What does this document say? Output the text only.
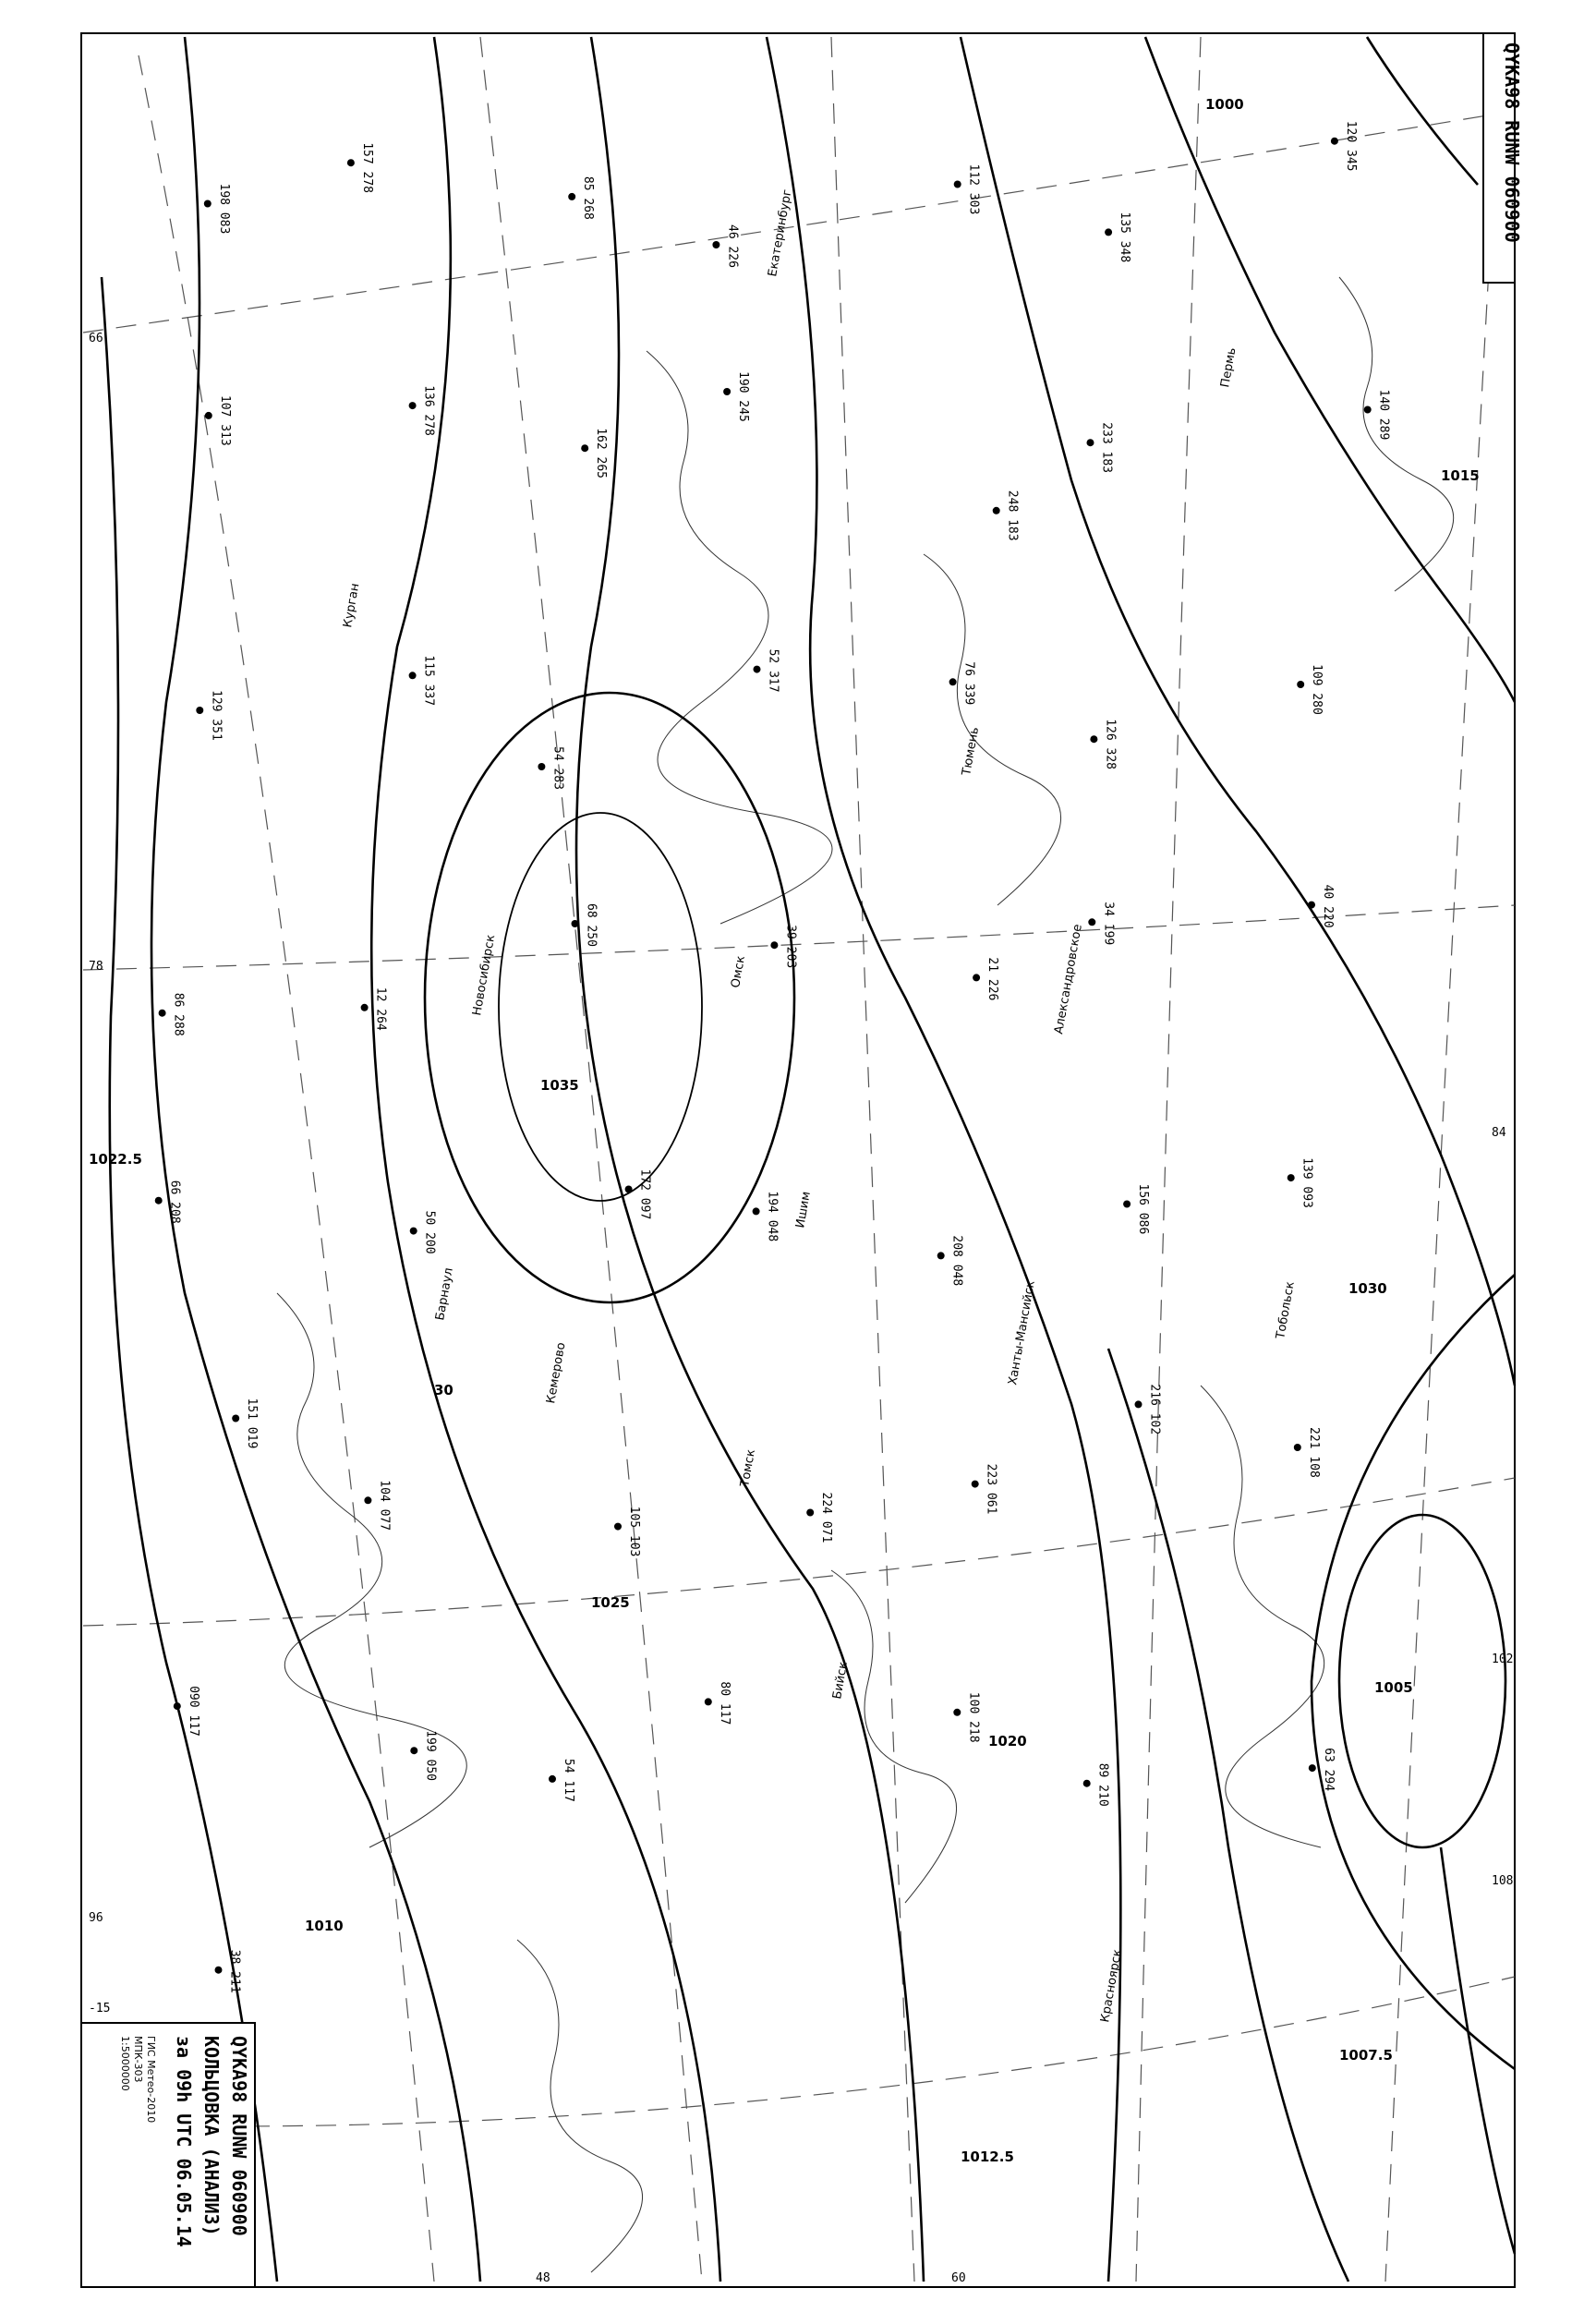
1000
1005
1007.5
1010
1012.5
1015
1020
1022.5
1025
1030
1035
30
Екатеринбург
Курган
Новосибирск
Барнаул
Кемерово
Александровское
Ишим
Пермь
Тобольск
Красноярск
Бийск
Омск
Ханты-Мансийск
Тюмень
Томск
198 083
157 278
85 268
46 226
112 303
135 348
120 345
107 313	136 278
162 265
190 245
248 183
233 183
140 289
129 351
115 337
54 283
52 317	76 339
126 328
109 280
86 288	12 264
68 250	39 203
21 226
34 199	40 220
66 208
50 200
172 097	194 048
208 048
156 086
139 093
151 019
104 077
105 103	224 071
223 061
216 102
221 108
090 117
199 050	54 117
80 117	100 218
89 210	63 294
38 211
66
78
96
102
108
84
60
48
-15
QYKA98 RUNW 060900
QYKA98 RUNW 060900
КОЛЬЦОВКА (АНАЛИЗ)
за 09h UTC 06.05.14
ГИС Метео-2010
МПК-303
1:5000000
